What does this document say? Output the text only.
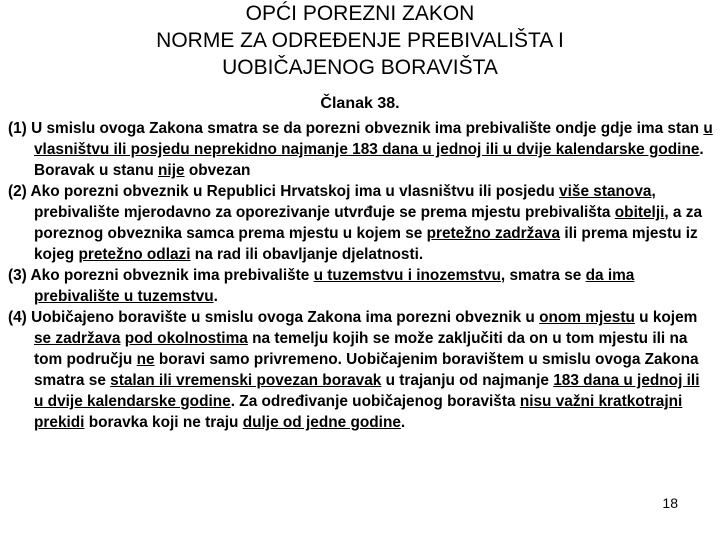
OPĆI POREZNI ZAKON
NORME ZA ODREĐENJE PREBIVALIŠTA I
UOBIČAJENOG BORAVIŠTA
Članak 38.

(1) U smislu ovoga Zakona smatra se da porezni obveznik ima prebivalište ondje gdje ima stan u vlasništvu ili posjedu neprekidno najmanje 183 dana u jednoj ili u dvije kalendarske godine. Boravak u stanu nije obvezan

(2) Ako porezni obveznik u Republici Hrvatskoj ima u vlasništvu ili posjedu više stanova, prebivalište mjerodavno za oporezivanje utvrđuje se prema mjestu prebivališta obitelji, a za poreznog obveznika samca prema mjestu u kojem se pretežno zadržava ili prema mjestu iz kojeg pretežno odlazi na rad ili obavljanje djelatnosti.

(3) Ako porezni obveznik ima prebivalište u tuzemstvu i inozemstvu, smatra se da ima prebivalište u tuzemstvu.

(4) Uobičajeno boravište u smislu ovoga Zakona ima porezni obveznik u onom mjestu u kojem se zadržava pod okolnostima na temelju kojih se može zaključiti da on u tom mjestu ili na tom području ne boravi samo privremeno. Uobičajenim boravištem u smislu ovoga Zakona smatra se stalan ili vremenski povezan boravak u trajanju od najmanje 183 dana u jednoj ili u dvije kalendarske godine. Za određivanje uobičajenog boravišta nisu važni kratkotrajni prekidi boravka koji ne traju dulje od jedne godine.

18
